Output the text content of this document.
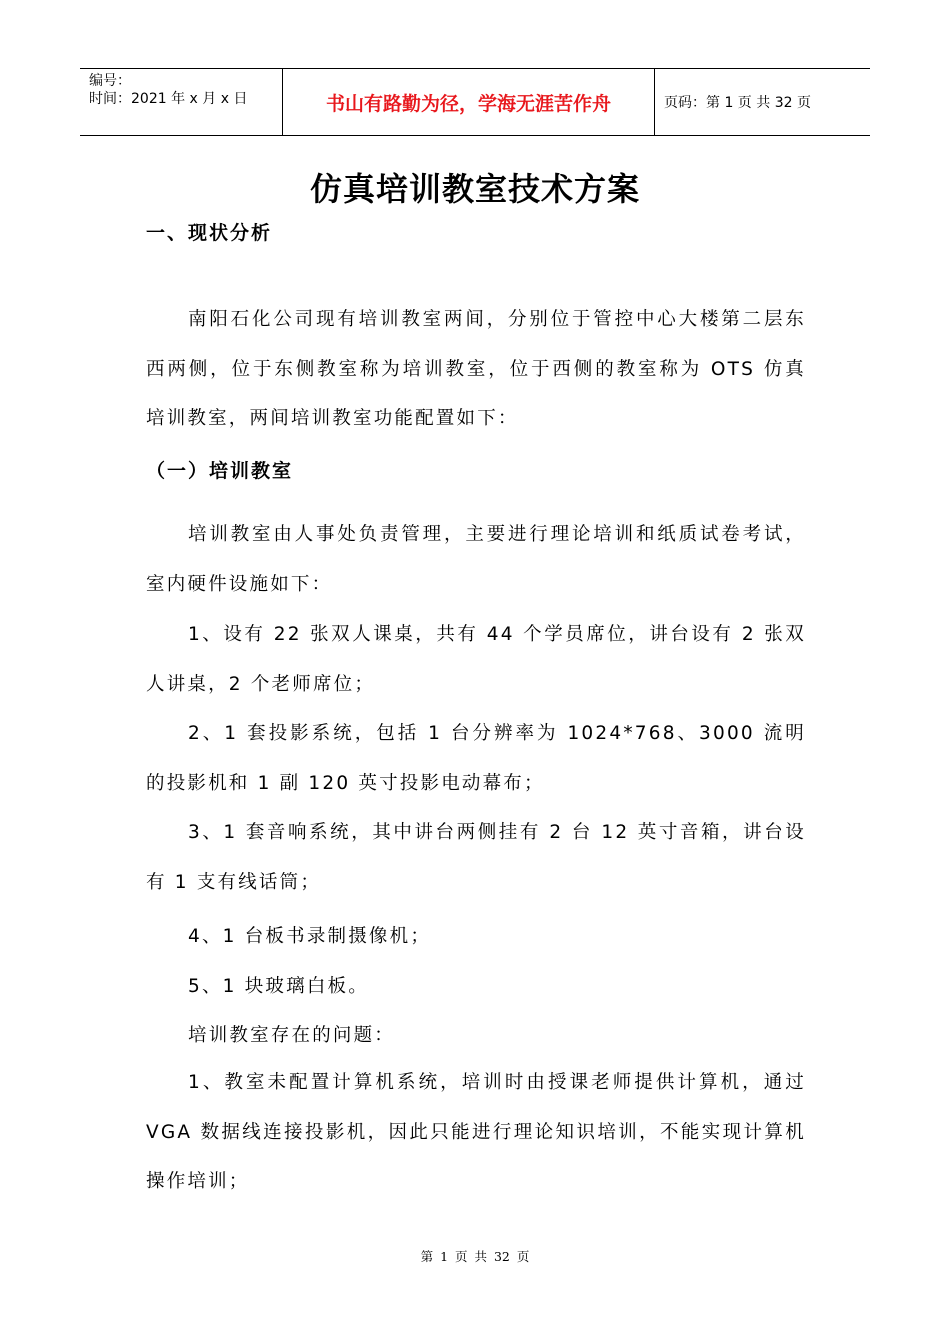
编号：
时间：2021 年 x 月 x 日	书山有路勤为径，学海无涯苦作舟	页码：第 1 页 共 32 页
仿真培训教室技术方案
一、现状分析
南阳石化公司现有培训教室两间，分别位于管控中心大楼第二层东西两侧，位于东侧教室称为培训教室，位于西侧的教室称为 OTS 仿真培训教室，两间培训教室功能配置如下：
（一）培训教室
培训教室由人事处负责管理，主要进行理论培训和纸质试卷考试，室内硬件设施如下：
1、设有 22 张双人课桌，共有 44 个学员席位，讲台设有 2 张双人讲桌，2 个老师席位；
2、1 套投影系统，包括 1 台分辨率为 1024*768、3000 流明的投影机和 1 副 120 英寸投影电动幕布；
3、1 套音响系统，其中讲台两侧挂有 2 台 12 英寸音箱，讲台设有 1 支有线话筒；
4、1 台板书录制摄像机；
5、1 块玻璃白板。
培训教室存在的问题：
1、教室未配置计算机系统，培训时由授课老师提供计算机，通过 VGA 数据线连接投影机，因此只能进行理论知识培训，不能实现计算机操作培训；
第 1 页 共 32 页
